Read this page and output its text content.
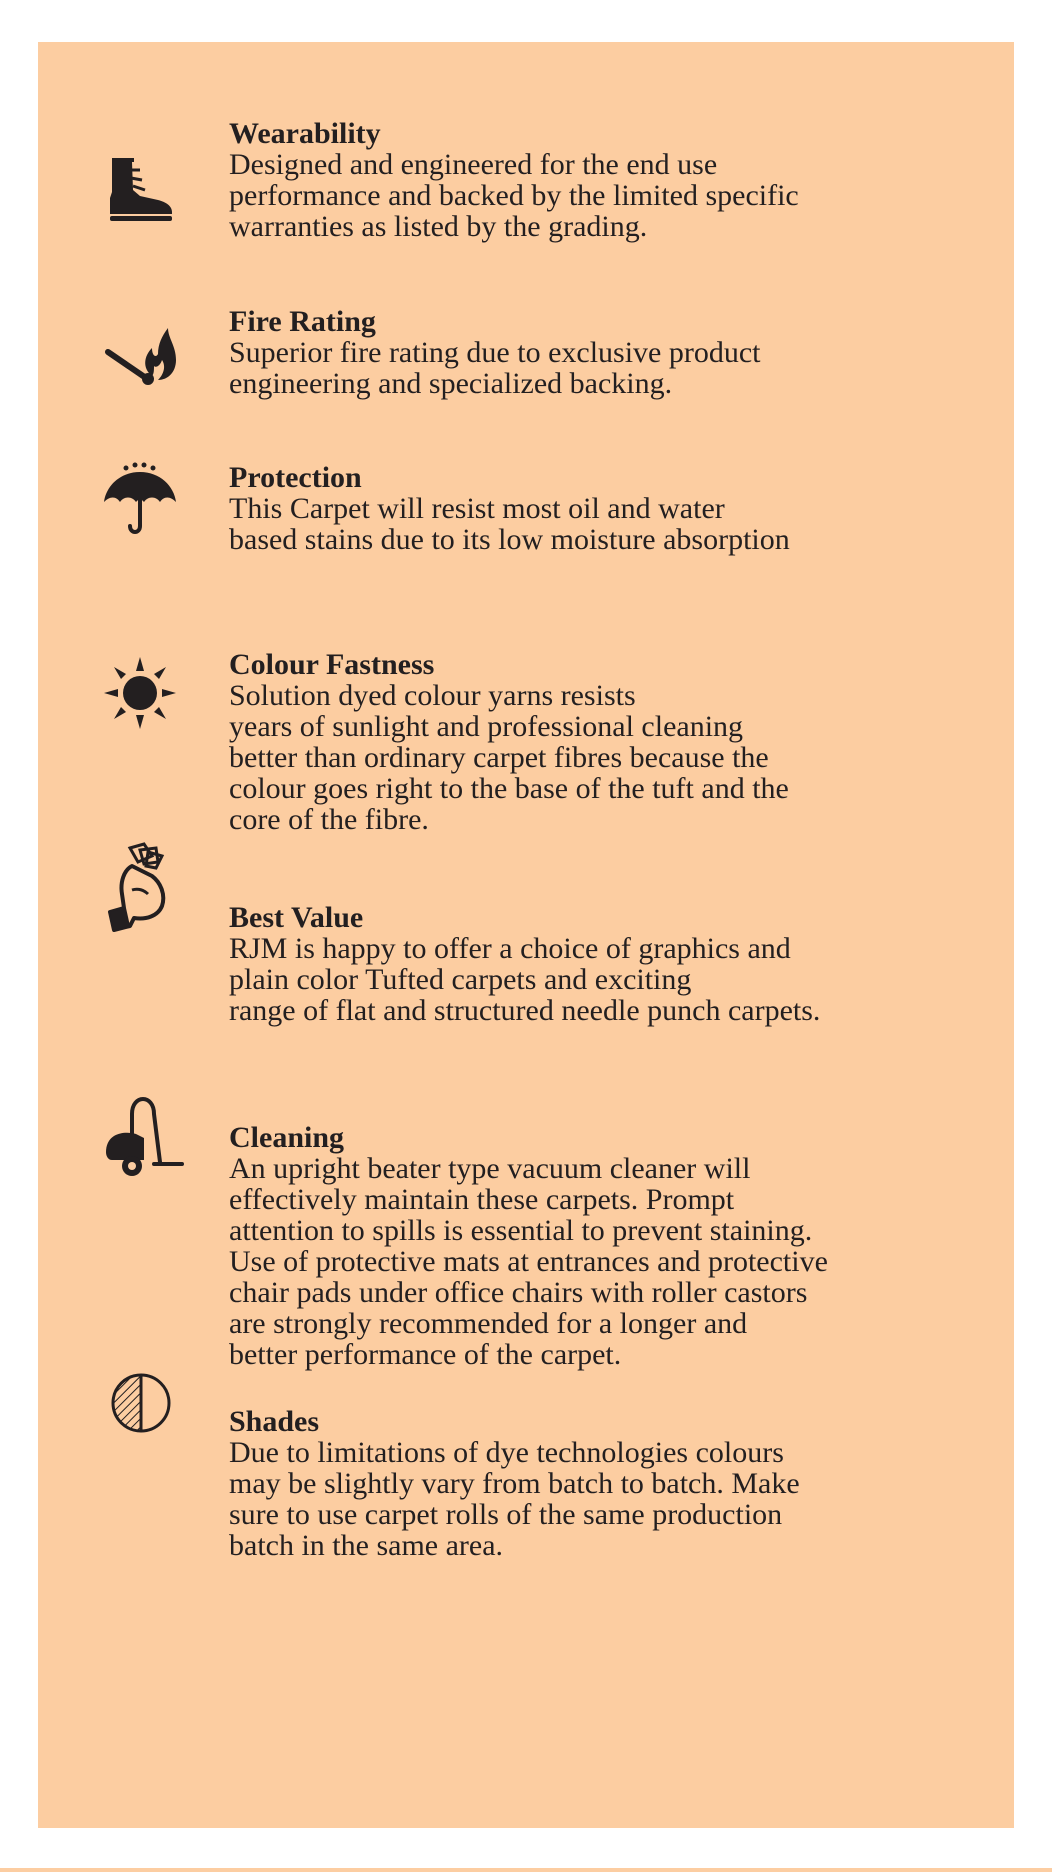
Wearability

Designed and engineered for the end use
performance and backed by the limited specific
warranties as listed by the grading.

Fire Rating

Superior fire rating due to exclusive product
engineering and specialized backing.

Protection

This Carpet will resist most oil and water
based stains due to its low moisture absorption

Colour Fastness

Solution dyed colour yarns resists
years of sunlight and professional cleaning
better than ordinary carpet fibres because the
colour goes right to the base of the tuft and the
core of the fibre.

Best Value

RJM is happy to offer a choice of graphics and
plain color Tufted carpets and exciting
range of flat and structured needle punch carpets.

Cleaning

An upright beater type vacuum cleaner will
effectively maintain these carpets. Prompt
attention to spills is essential to prevent staining.
Use of protective mats at entrances and protective
chair pads under office chairs with roller castors
are strongly recommended for a longer and
better performance of the carpet.

Shades

Due to limitations of dye technologies colours
may be slightly vary from batch to batch. Make
sure to use carpet rolls of the same production
batch in the same area.
